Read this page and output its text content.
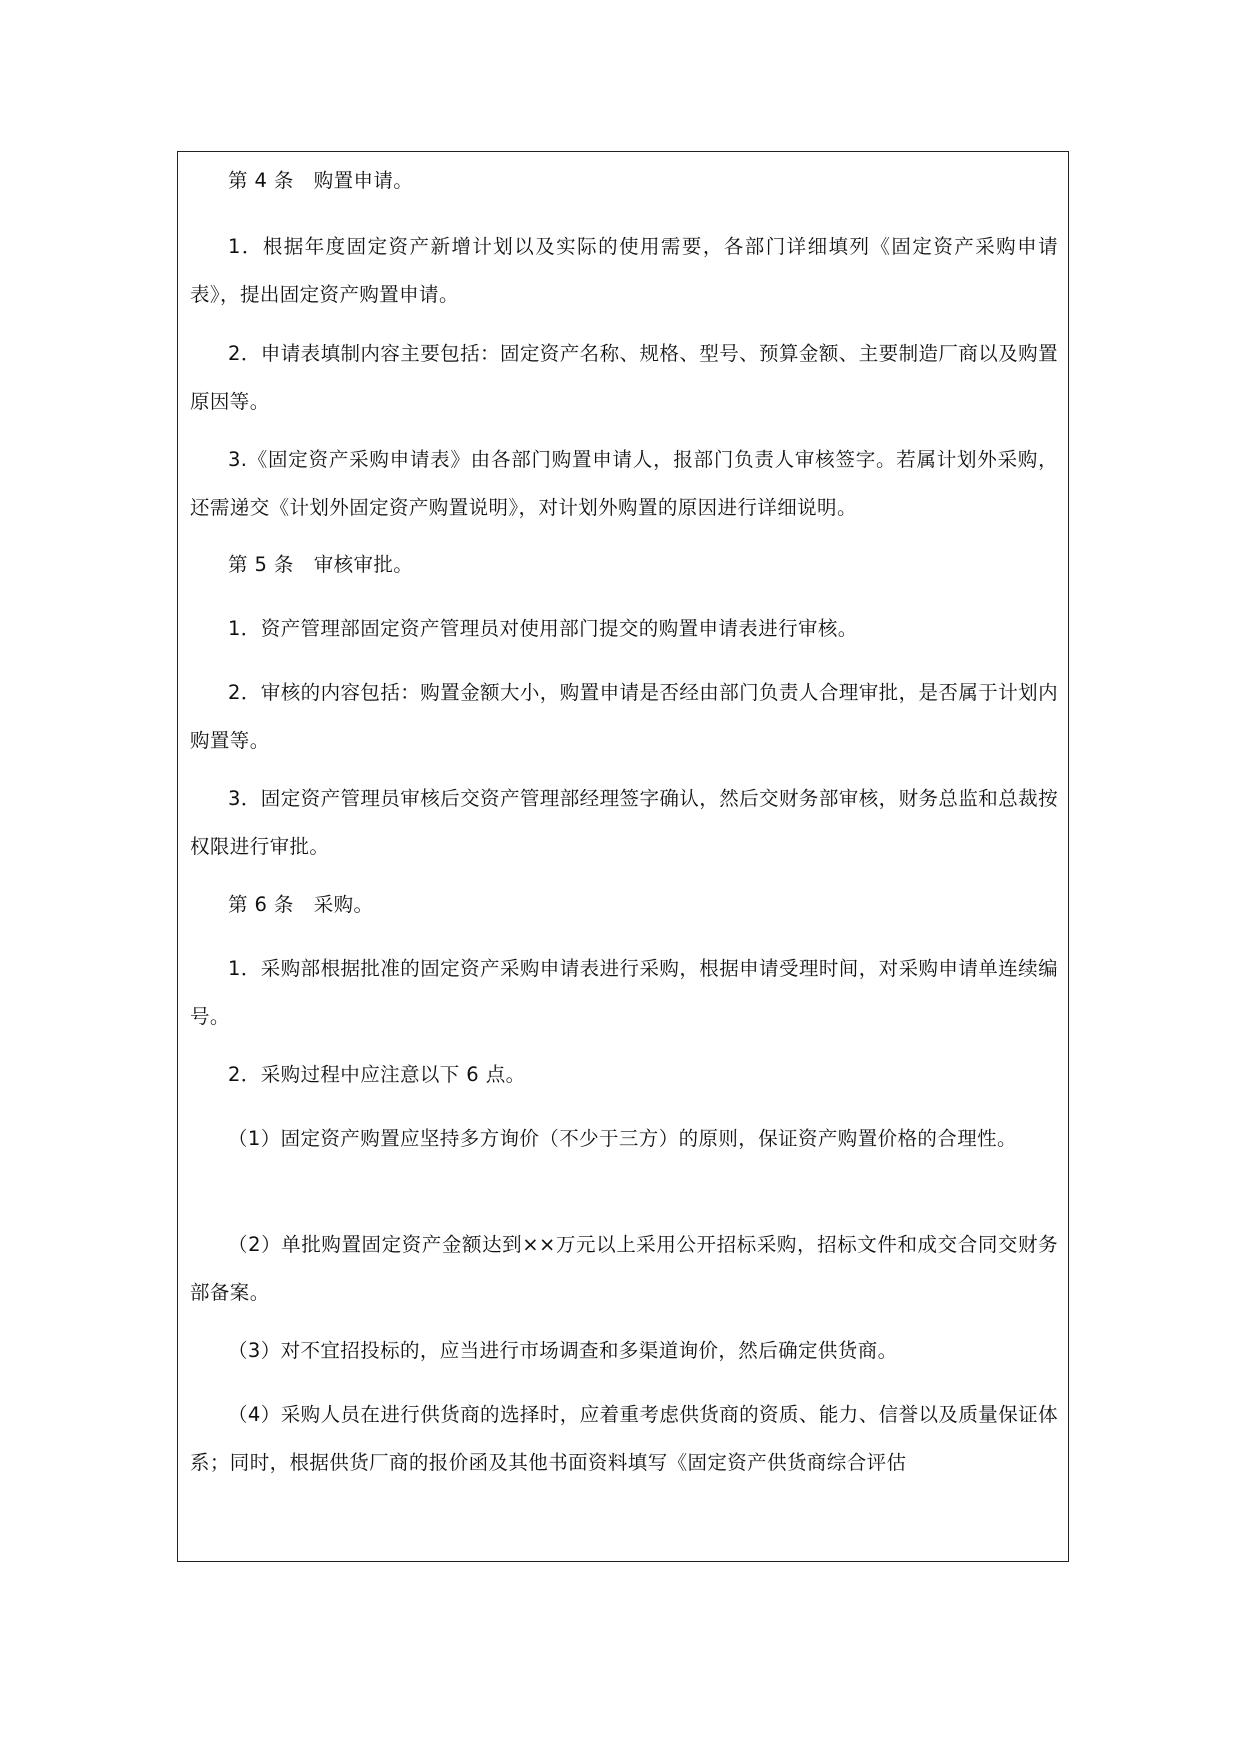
第 4 条　购置申请。

1．根据年度固定资产新增计划以及实际的使用需要，各部门详细填列《固定资产采购申请表》，提出固定资产购置申请。

2．申请表填制内容主要包括：固定资产名称、规格、型号、预算金额、主要制造厂商以及购置原因等。

3.《固定资产采购申请表》由各部门购置申请人，报部门负责人审核签字。若属计划外采购，还需递交《计划外固定资产购置说明》，对计划外购置的原因进行详细说明。

第 5 条　审核审批。

1．资产管理部固定资产管理员对使用部门提交的购置申请表进行审核。

2．审核的内容包括：购置金额大小，购置申请是否经由部门负责人合理审批，是否属于计划内购置等。

3．固定资产管理员审核后交资产管理部经理签字确认，然后交财务部审核，财务总监和总裁按权限进行审批。

第 6 条　采购。

1．采购部根据批准的固定资产采购申请表进行采购，根据申请受理时间，对采购申请单连续编号。

2．采购过程中应注意以下 6 点。

（1）固定资产购置应坚持多方询价（不少于三方）的原则，保证资产购置价格的合理性。

（2）单批购置固定资产金额达到××万元以上采用公开招标采购，招标文件和成交合同交财务部备案。

（3）对不宜招投标的，应当进行市场调查和多渠道询价，然后确定供货商。

（4）采购人员在进行供货商的选择时，应着重考虑供货商的资质、能力、信誉以及质量保证体系；同时，根据供货厂商的报价函及其他书面资料填写《固定资产供货商综合评估
